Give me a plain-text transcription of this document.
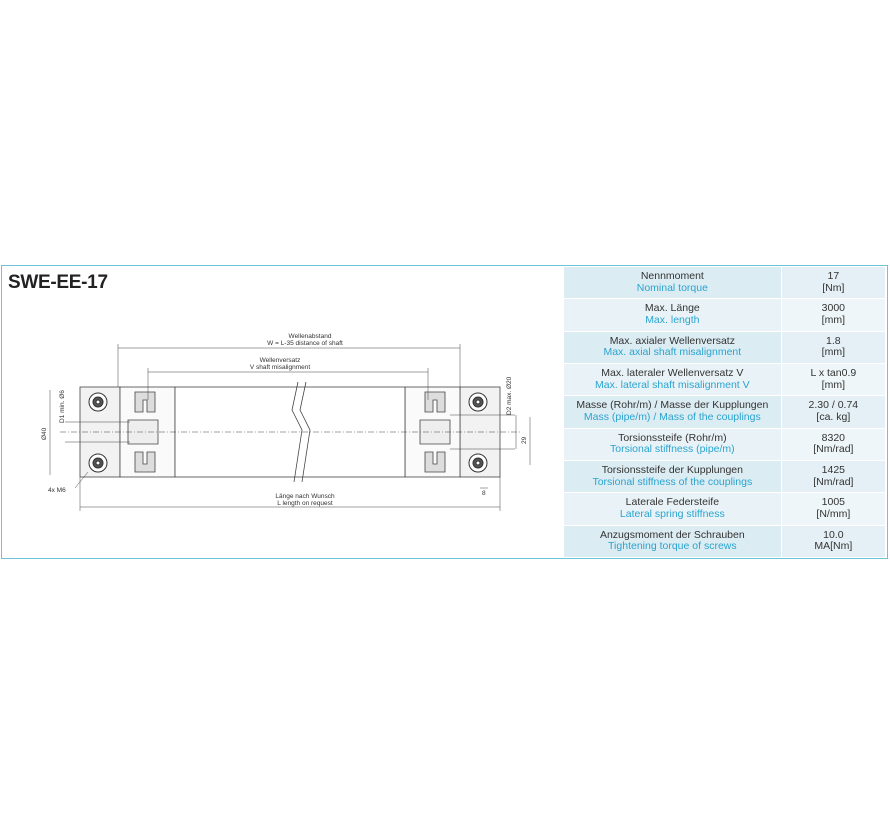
SWE-EE-17
Wellenabstand
W = L-35 distance of shaft
Wellenversatz
V shaft misalignment
Länge nach Wunsch
L length on request
D1 min. Ø6
Ø40
D2 max. Ø20
29
8
4x M6
Nennmoment
Nominal torque	17
[Nm]

Max. Länge
Max. length	3000
[mm]

Max. axialer Wellenversatz
Max. axial shaft misalignment	1.8
[mm]

Max. lateraler Wellenversatz V
Max. lateral shaft misalignment V	L x tan0.9
[mm]

Masse (Rohr/m) / Masse der Kupplungen
Mass (pipe/m) / Mass of the couplings	2.30 / 0.74
[ca. kg]

Torsionssteife (Rohr/m)
Torsional stiffness (pipe/m)	8320
[Nm/rad]

Torsionssteife der Kupplungen
Torsional stiffness of the couplings	1425
[Nm/rad]

Laterale Federsteife
Lateral spring stiffness	1005
[N/mm]

Anzugsmoment der Schrauben
Tightening torque of screws	10.0
MA[Nm]
